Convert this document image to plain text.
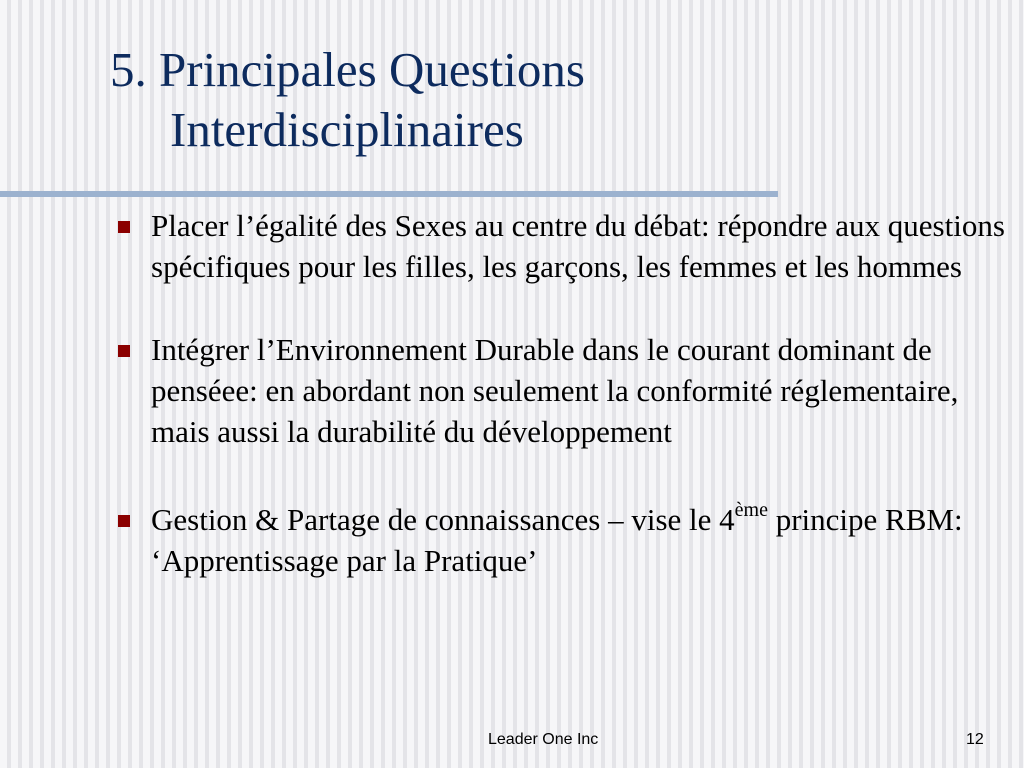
5. Principales Questions
Interdisciplinaires
Placer l’égalité des Sexes au centre du débat: répondre aux questions spécifiques pour les filles, les garçons, les femmes et les hommes
Intégrer l’Environnement Durable dans le courant dominant de penséee: en abordant non seulement la conformité réglementaire, mais aussi la durabilité du développement
Gestion & Partage de connaissances – vise le 4ème principe RBM: ‘Apprentissage par la Pratique’
Leader One Inc	12
